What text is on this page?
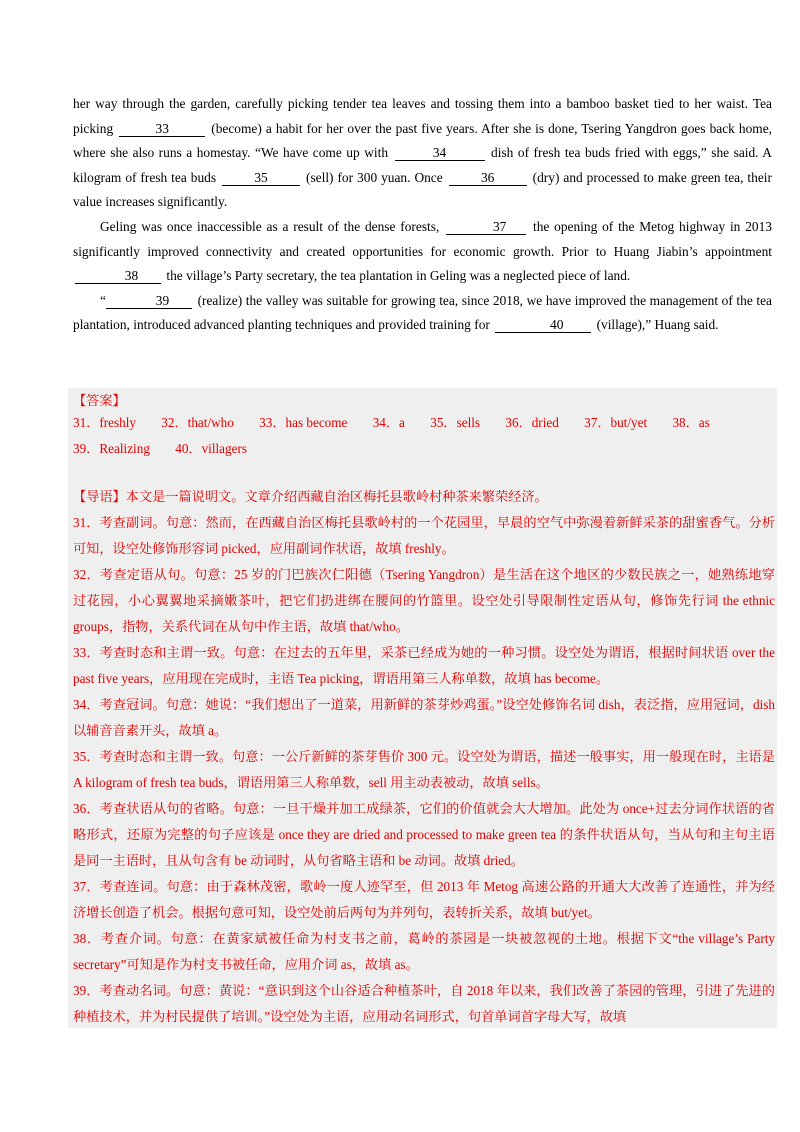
her way through the garden, carefully picking tender tea leaves and tossing them into a bamboo basket tied to her waist. Tea picking	33	(become) a habit for her over the past five years. After she is done, Tsering Yangdron goes back home, where she also runs a homestay. “We have come up with	34	dish of fresh tea buds fried with eggs,” she said. A kilogram of fresh tea buds	35	(sell) for 300 yuan. Once	36	(dry) and processed to make green tea, their value increases significantly.

Geling was once inaccessible as a result of the dense forests,	37 the opening of the Metog highway in 2013 significantly improved connectivity and created opportunities for economic growth. Prior to Huang Jiabin’s appointment 38 the village’s Party secretary, the tea plantation in Geling was a neglected piece of land.

“	39 (realize) the valley was suitable for growing tea, since 2018, we have improved the management of the tea plantation, introduced advanced planting techniques and provided training for	40 (village),” Huang said.

【答案】
31．freshly 32．that/who 33．has become 34．a 35．sells 36．dried 37．but/yet 38．as
39．Realizing 40．villagers

【导语】本文是一篇说明文。文章介绍西藏自治区梅托县歌岭村种茶来繁荣经济。

31．考查副词。句意：然而，在西藏自治区梅托县歌岭村的一个花园里，早晨的空气中弥漫着新鲜采茶的甜蜜香气。分析可知，设空处修饰形容词 picked，应用副词作状语，故填 freshly。

32．考查定语从句。句意：25 岁的门巴族次仁阳德（Tsering Yangdron）是生活在这个地区的少数民族之一，她熟练地穿过花园，小心翼翼地采摘嫩茶叶，把它们扔进绑在腰间的竹篮里。设空处引导限制性定语从句，修饰先行词 the ethnic groups，指物，关系代词在从句中作主语，故填 that/who。

33．考查时态和主谓一致。句意：在过去的五年里，采茶已经成为她的一种习惯。设空处为谓语，根据时间状语 over the past five years，应用现在完成时，主语 Tea picking，谓语用第三人称单数，故填 has become。

34．考查冠词。句意：她说：“我们想出了一道菜，用新鲜的茶芽炒鸡蛋。”设空处修饰名词 dish，表泛指，应用冠词，dish 以辅音音素开头，故填 a。

35．考查时态和主谓一致。句意：一公斤新鲜的茶芽售价 300 元。设空处为谓语，描述一般事实，用一般现在时，主语是 A kilogram of fresh tea buds，谓语用第三人称单数，sell 用主动表被动，故填 sells。

36．考查状语从句的省略。句意：一旦干燥并加工成绿茶，它们的价值就会大大增加。此处为 once+过去分词作状语的省略形式，还原为完整的句子应该是 once they are dried and processed to make green tea 的条件状语从句，当从句和主句主语是同一主语时，且从句含有 be 动词时，从句省略主语和 be 动词。故填 dried。

37．考查连词。句意：由于森林茂密，歌岭一度人迹罕至，但 2013 年 Metog 高速公路的开通大大改善了连通性，并为经济增长创造了机会。根据句意可知，设空处前后两句为并列句，表转折关系，故填 but/yet。

38．考查介词。句意：在黄家斌被任命为村支书之前，葛岭的茶园是一块被忽视的土地。根据下文“the village’s Party secretary”可知是作为村支书被任命，应用介词 as，故填 as。

39．考查动名词。句意：黄说：“意识到这个山谷适合种植茶叶，自 2018 年以来，我们改善了茶园的管理，引进了先进的种植技术，并为村民提供了培训。”设空处为主语，应用动名词形式，句首单词首字母大写，故填
